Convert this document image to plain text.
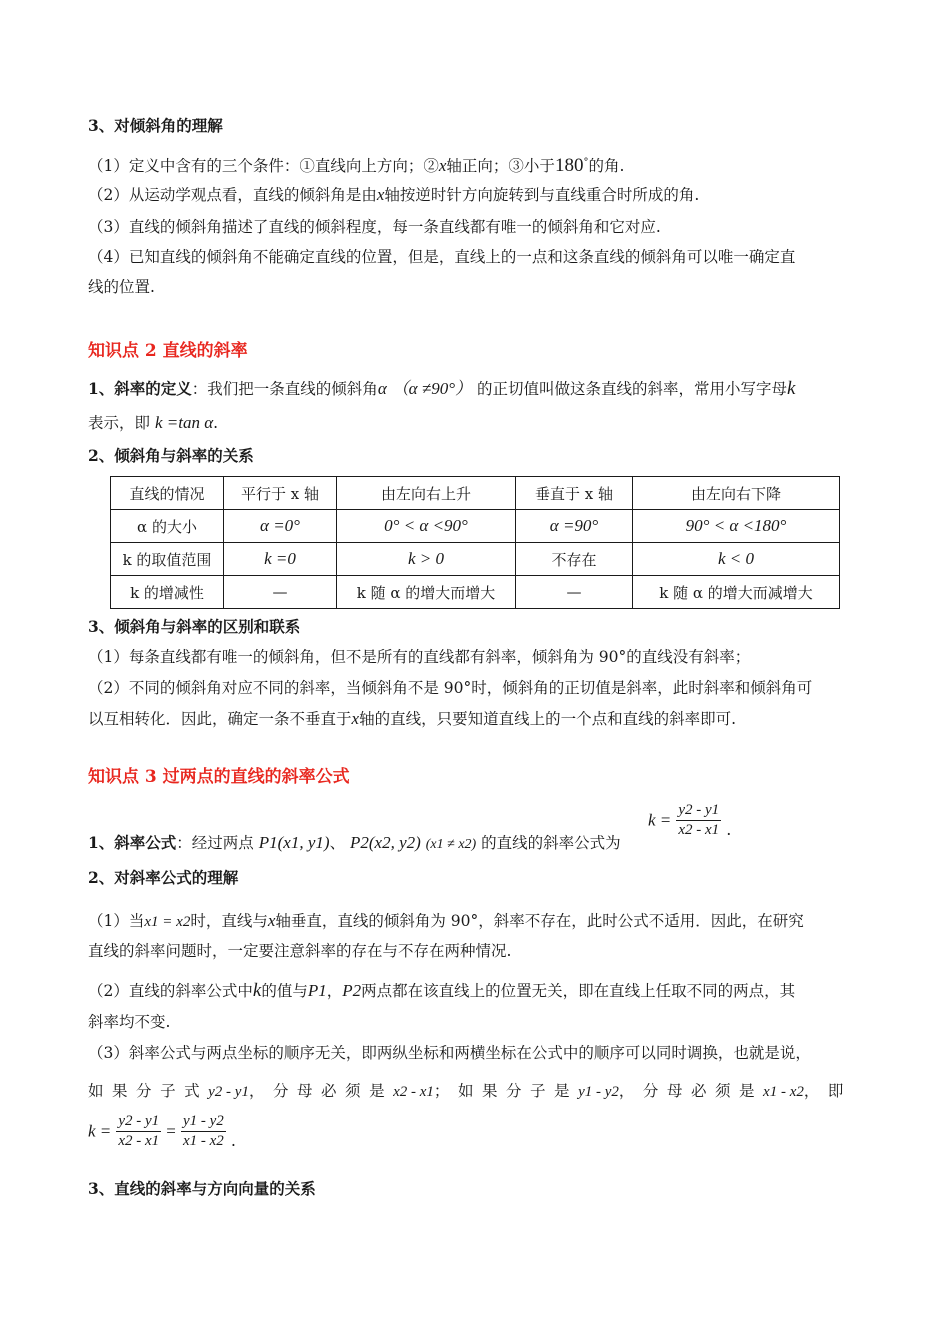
3、对倾斜角的理解
（1）定义中含有的三个条件：①直线向上方向；②x轴正向；③小于180°的角.
（2）从运动学观点看，直线的倾斜角是由x轴按逆时针方向旋转到与直线重合时所成的角.
（3）直线的倾斜角描述了直线的倾斜程度，每一条直线都有唯一的倾斜角和它对应.
（4）已知直线的倾斜角不能确定直线的位置，但是，直线上的一点和这条直线的倾斜角可以唯一确定直
线的位置.
知识点 2 直线的斜率
1、斜率的定义：我们把一条直线的倾斜角α （α ≠90°） 的正切值叫做这条直线的斜率，常用小写字母k
表示，即 k =tan α.
2、倾斜角与斜率的关系
直线的情况	平行于 x 轴	由左向右上升	垂直于 x 轴	由左向右下降
α 的大小	α =0°	0° < α <90°	α =90°	90° < α <180°
k 的取值范围	k =0	k > 0	不存在	k < 0
k 的增减性	—	k 随 α 的增大而增大	—	k 随 α 的增大而减增大
3、倾斜角与斜率的区别和联系
（1）每条直线都有唯一的倾斜角，但不是所有的直线都有斜率，倾斜角为 90°的直线没有斜率；
（2）不同的倾斜角对应不同的斜率，当倾斜角不是 90°时，倾斜角的正切值是斜率，此时斜率和倾斜角可
以互相转化．因此，确定一条不垂直于x轴的直线，只要知道直线上的一个点和直线的斜率即可.
知识点 3 过两点的直线的斜率公式
1、斜率公式：经过两点 P1(x1, y1)、 P2(x2, y2) (x1 ≠ x2) 的直线的斜率公式为
$k = \frac{y2 - y1}{x2 - x1}$ .
2、对斜率公式的理解
（1）当x1 = x2时，直线与x轴垂直，直线的倾斜角为 90°，斜率不存在，此时公式不适用．因此，在研究
直线的斜率问题时，一定要注意斜率的存在与不存在两种情况.
（2）直线的斜率公式中k的值与P1，P2两点都在该直线上的位置无关，即在直线上任取不同的两点，其
斜率均不变.
（3）斜率公式与两点坐标的顺序无关，即两纵坐标和两横坐标在公式中的顺序可以同时调换，也就是说，
如果分子式y2 - y1，分母必须是x2 - x1；如果分子是y1 - y2，分母必须是x1 - x2，即
$k = \frac{y2 - y1}{x2 - x1} = \frac{y1 - y2}{x1 - x2}$ .
3、直线的斜率与方向向量的关系
